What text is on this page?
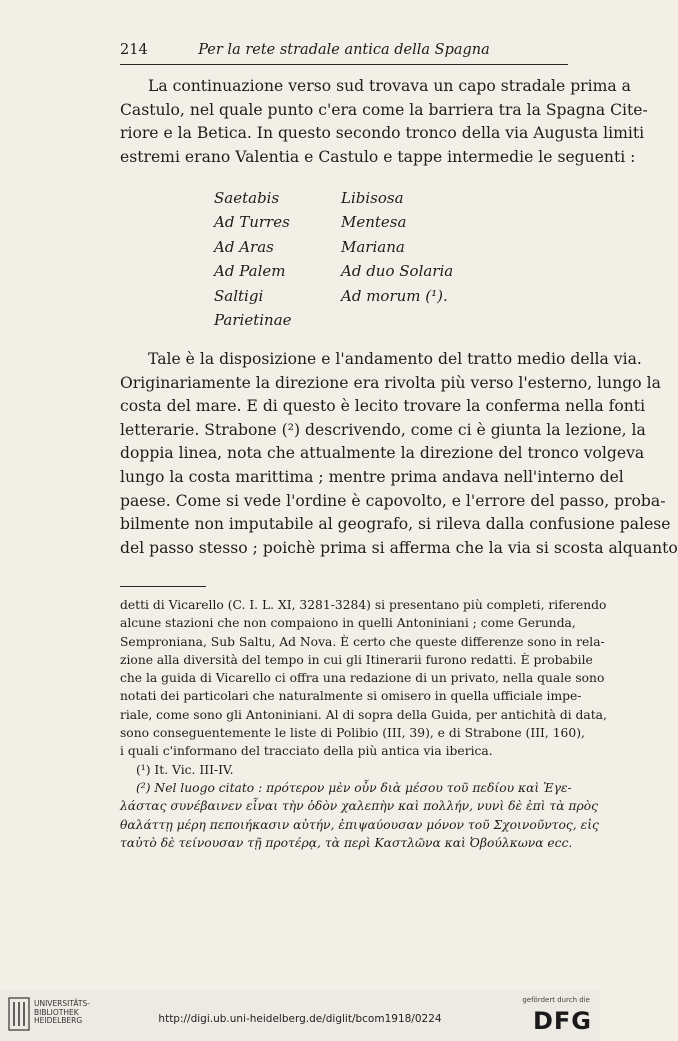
214	Per la rete stradale antica della Spagna
La continuazione verso sud trovava un capo stradale prima a
Castulo, nel quale punto c'era come la barriera tra la Spagna Cite-
riore e la Betica. In questo secondo tronco della via Augusta limiti
estremi erano Valentia e Castulo e tappe intermedie le seguenti :
Saetabis
Ad Turres
Ad Aras
Ad Palem
Saltigi
Parietinae
Libisosa
Mentesa
Mariana
Ad duo Solaria
Ad morum (¹).
Tale è la disposizione e l'andamento del tratto medio della via.
Originariamente la direzione era rivolta più verso l'esterno, lungo la
costa del mare. E di questo è lecito trovare la conferma nella fonti
letterarie. Strabone (²) descrivendo, come ci è giunta la lezione, la
doppia linea, nota che attualmente la direzione del tronco volgeva
lungo la costa marittima ; mentre prima andava nell'interno del
paese. Come si vede l'ordine è capovolto, e l'errore del passo, proba-
bilmente non imputabile al geografo, si rileva dalla confusione palese
del passo stesso ; poichè prima si afferma che la via si scosta alquanto
detti di Vicarello (C. I. L. XI, 3281-3284) si presentano più completi, riferendo
alcune stazioni che non compaiono in quelli Antoniniani ; come Gerunda,
Semproniana, Sub Saltu, Ad Nova. È certo che queste differenze sono in rela-
zione alla diversità del tempo in cui gli Itinerarii furono redatti. È probabile
che la guida di Vicarello ci offra una redazione di un privato, nella quale sono
notati dei particolari che naturalmente si omisero in quella ufficiale impe-
riale, come sono gli Antoniniani. Al di sopra della Guida, per antichità di data,
sono conseguentemente le liste di Polibio (III, 39), e di Strabone (III, 160),
i quali c'informano del tracciato della più antica via iberica.
(¹) It. Vic. III-IV.
(²) Nel luogo citato : πρότερον μὲν οὖν διὰ μέσου τοῦ πεδίου καὶ Ἐγε-
λάστας συνέβαινεν εἶναι τὴν ὁδὸν χαλεπὴν καὶ πολλήν, νυνὶ δὲ ἐπὶ τὰ πρὸς
θαλάττῃ μέρη πεποιήκασιν αὐτήν, ἐπιψαύουσαν μόνον τοῦ Σχοινοῦντος, εἰς
ταὐτὸ δὲ τείνουσαν τῇ προτέρᾳ, τὰ περὶ Καστλῶνα καὶ Ὀβούλκωνα ecc.
UNIVERSITÄTS-
BIBLIOTHEK
HEIDELBERG	http://digi.ub.uni-heidelberg.de/diglit/bcom1918/0224
gefördert durch die
DFG
